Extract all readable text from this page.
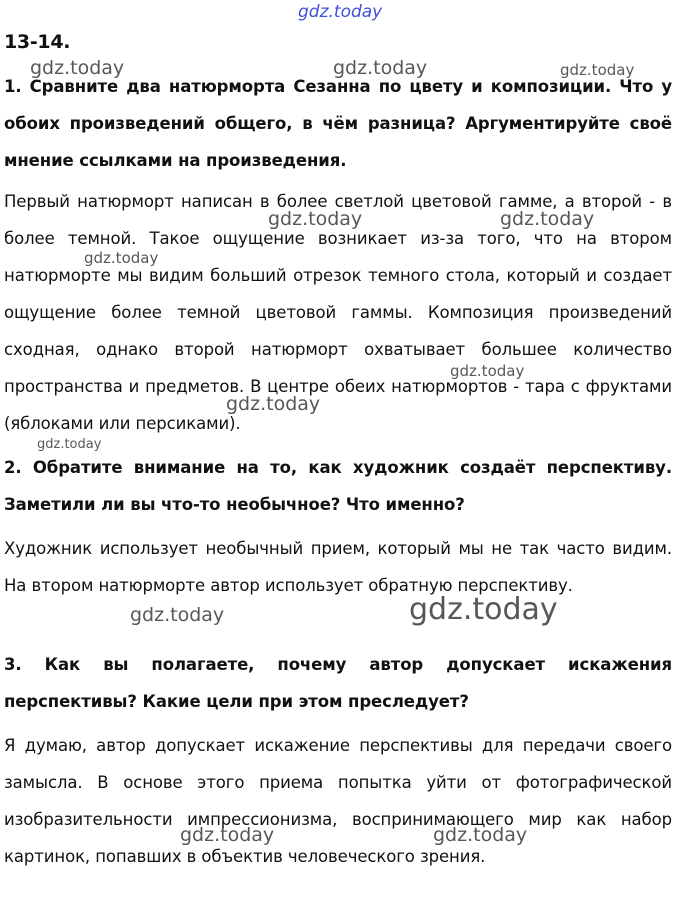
gdz.today
13-14.

1. Сравните два натюрморта Сезанна по цвету и композиции. Что у обоих произведений общего, в чём разница? Аргументируйте своё мнение ссылками на произведения.

Первый натюрморт написан в более светлой цветовой гамме, а второй - в более темной. Такое ощущение возникает из-за того, что на втором натюрморте мы видим больший отрезок темного стола, который и создает ощущение более темной цветовой гаммы. Композиция произведений сходная, однако второй натюрморт охватывает большее количество пространства и предметов. В центре обеих натюрмортов - тара с фруктами (яблоками или персиками).

2. Обратите внимание на то, как художник создаёт перспективу. Заметили ли вы что-то необычное? Что именно?

Художник использует необычный прием, который мы не так часто видим. На втором натюрморте автор использует обратную перспективу.

3. Как вы полагаете, почему автор допускает искажения перспективы? Какие цели при этом преследует?

Я думаю, автор допускает искажение перспективы для передачи своего замысла. В основе этого приема попытка уйти от фотографической изобразительности импрессионизма, воспринимающего мир как набор картинок, попавших в объектив человеческого зрения.

gdz.today	gdz.today	gdz.today
gdz.today	gdz.today
gdz.today
gdz.today
gdz.today
gdz.today
gdz.today	gdz.today
gdz.today	gdz.today
